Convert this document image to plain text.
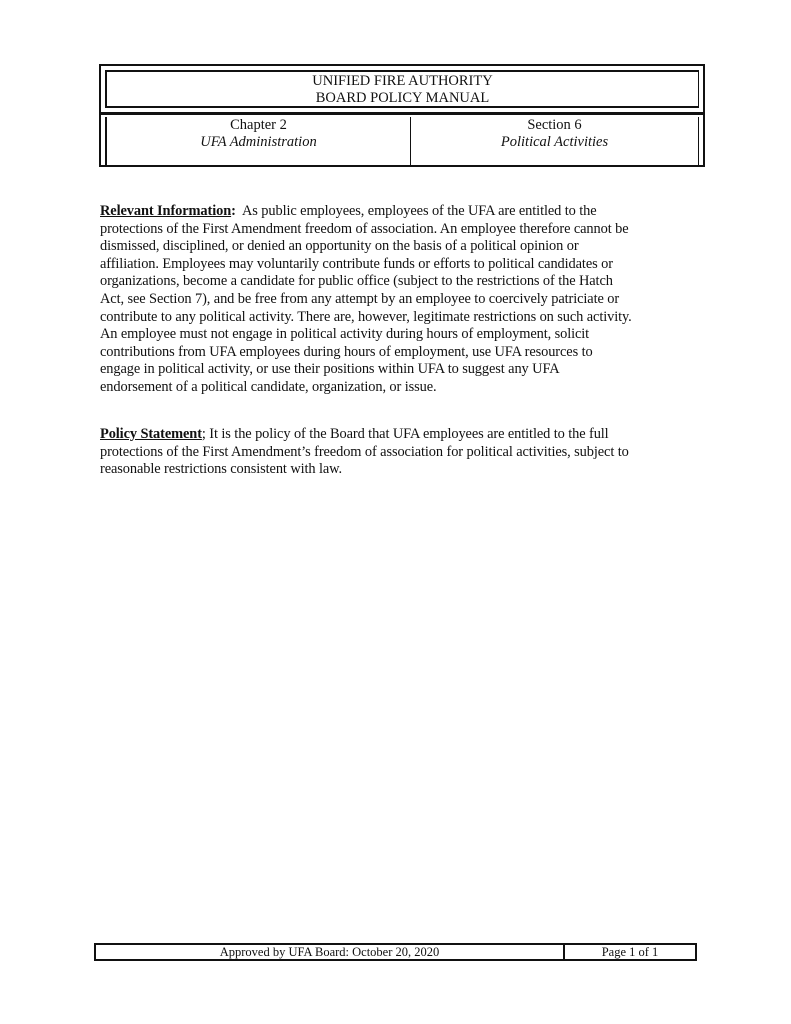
UNIFIED FIRE AUTHORITY
BOARD POLICY MANUAL
Chapter 2
UFA Administration
Section 6
Political Activities

Relevant Information:  As public employees, employees of the UFA are entitled to the
protections of the First Amendment freedom of association. An employee therefore cannot be
dismissed, disciplined, or denied an opportunity on the basis of a political opinion or
affiliation. Employees may voluntarily contribute funds or efforts to political candidates or
organizations, become a candidate for public office (subject to the restrictions of the Hatch
Act, see Section 7), and be free from any attempt by an employee to coercively patriciate or
contribute to any political activity. There are, however, legitimate restrictions on such activity.
An employee must not engage in political activity during hours of employment, solicit
contributions from UFA employees during hours of employment, use UFA resources to
engage in political activity, or use their positions within UFA to suggest any UFA
endorsement of a political candidate, organization, or issue.

Policy Statement; It is the policy of the Board that UFA employees are entitled to the full
protections of the First Amendment’s freedom of association for political activities, subject to
reasonable restrictions consistent with law.

Approved by UFA Board: October 20, 2020	Page 1 of 1
